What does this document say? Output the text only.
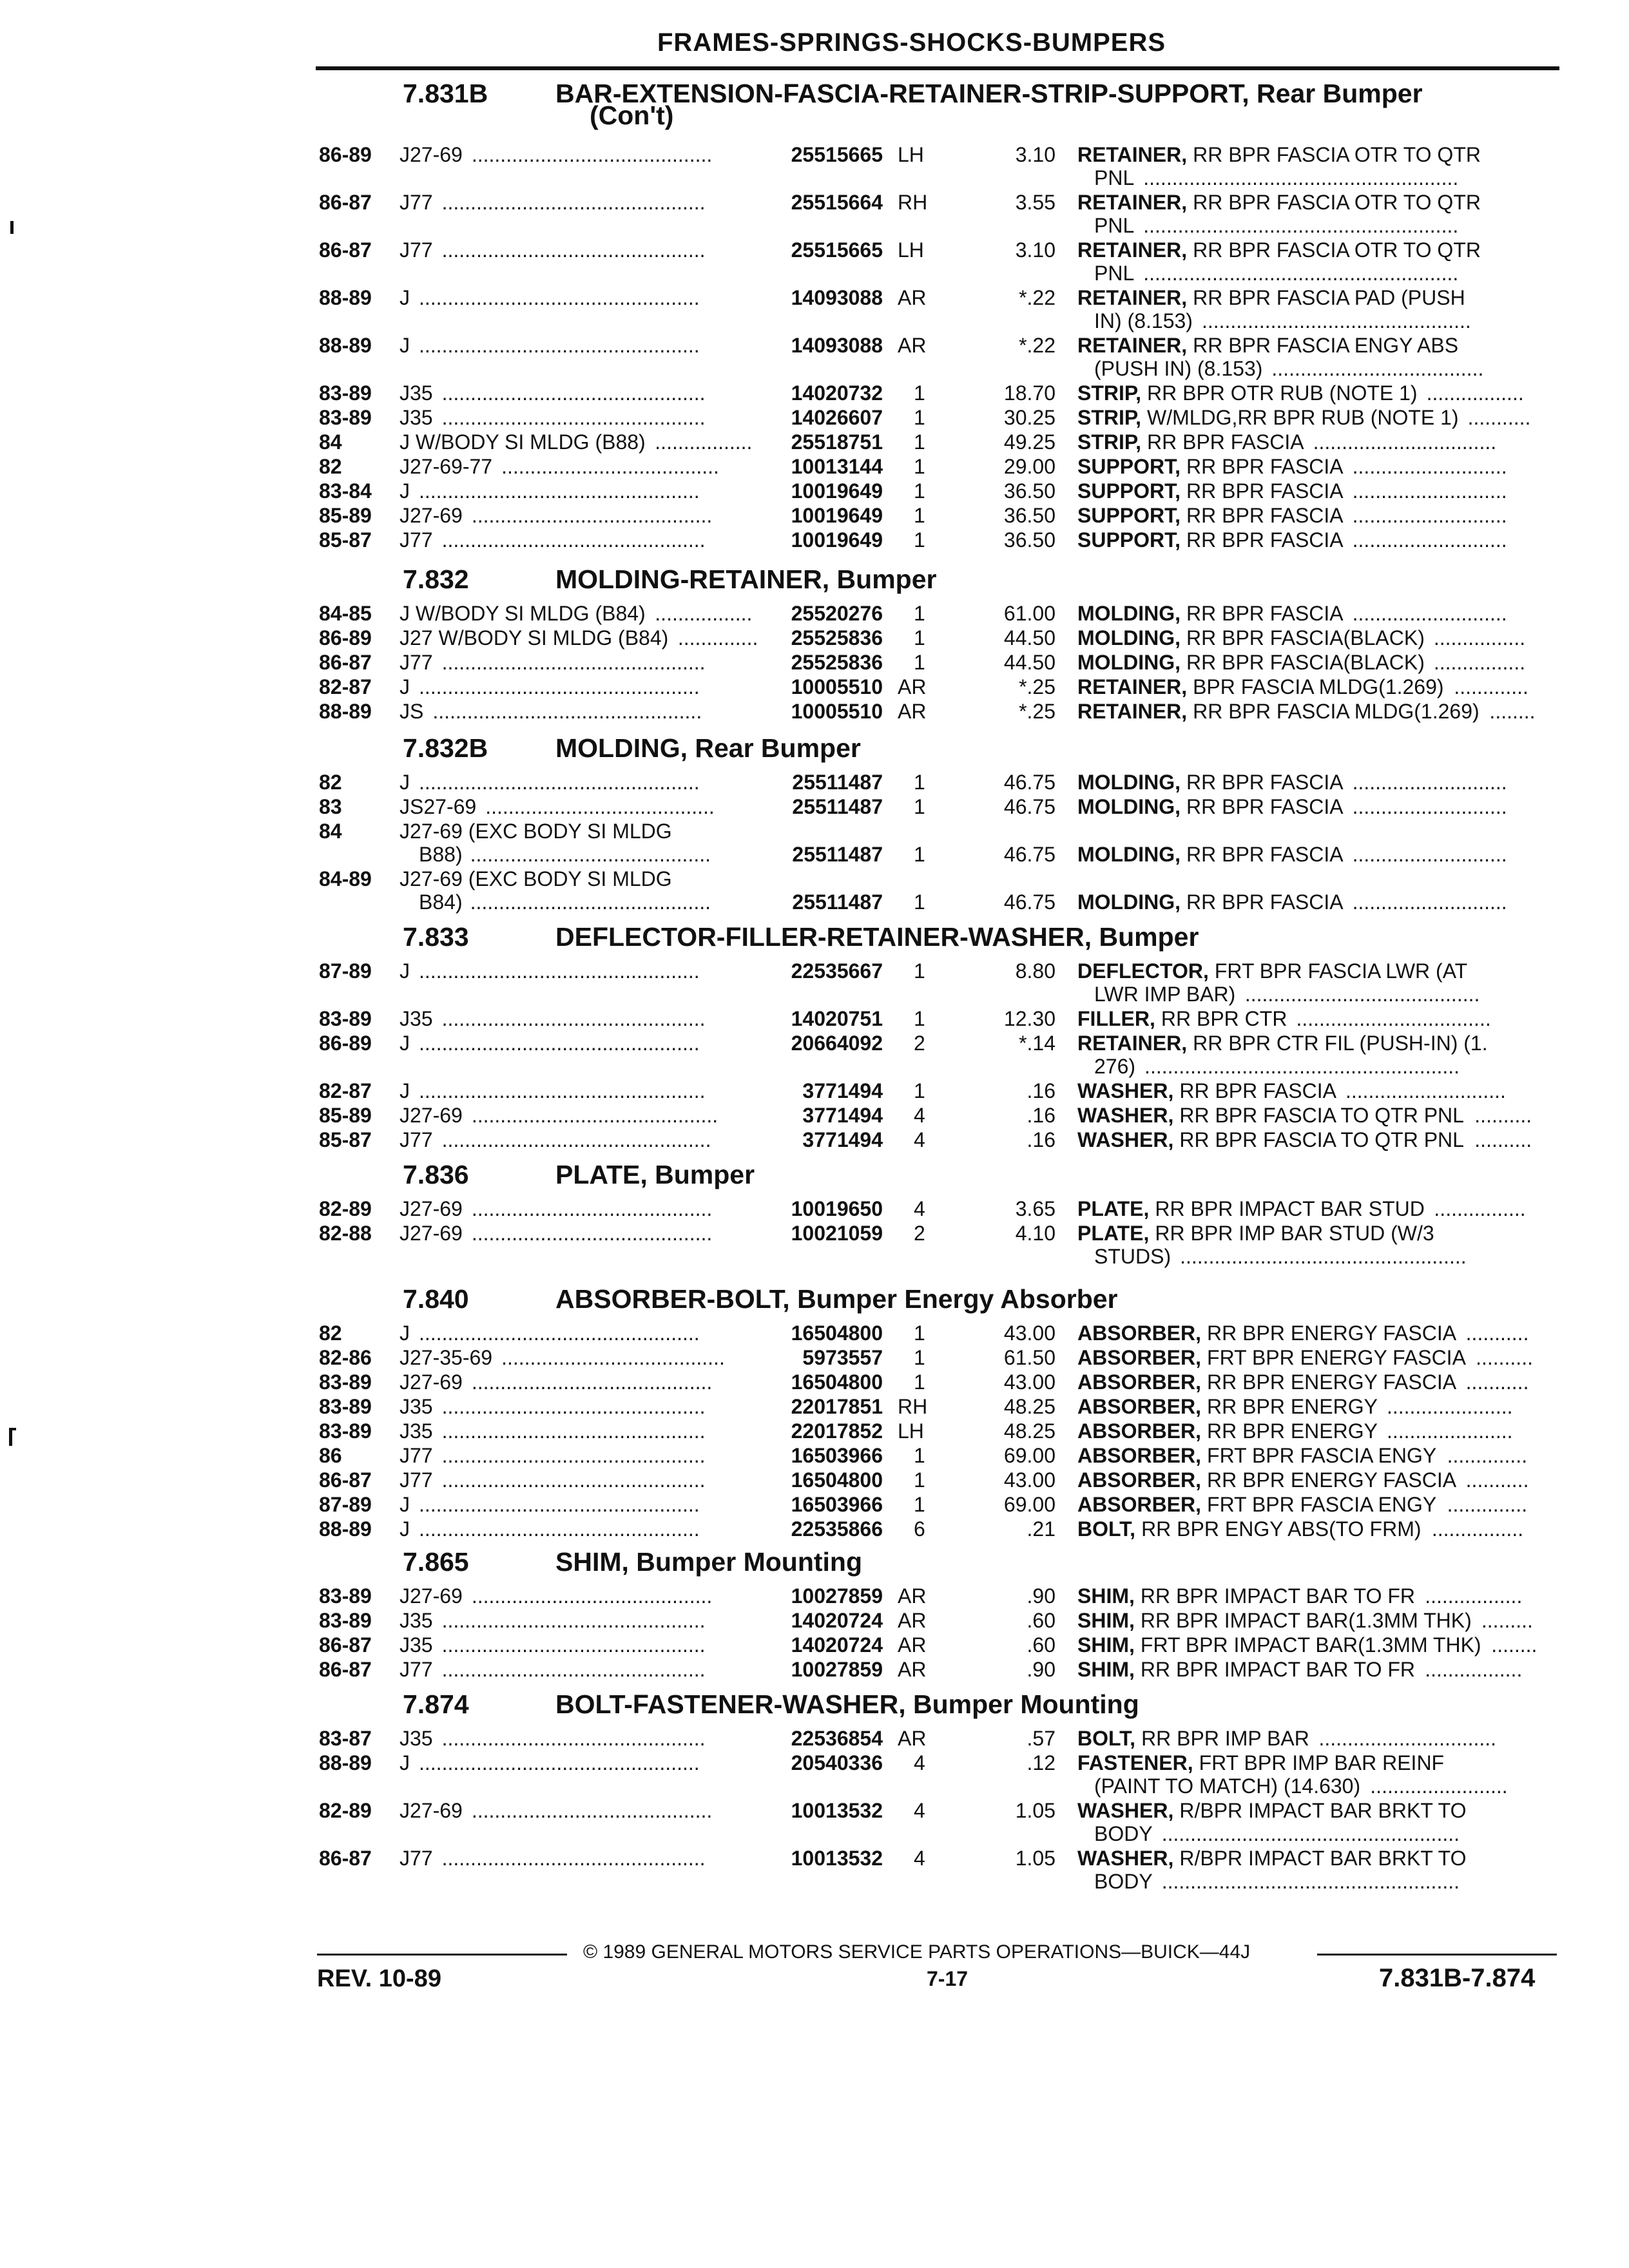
FRAMES-SPRINGS-SHOCKS-BUMPERS
7.831B	BAR-EXTENSION-FASCIA-RETAINER-STRIP-SUPPORT, Rear Bumper
(Con't)
86-89 J27-69 ..........................................	25515665 LH	3.10 RETAINER, RR BPR FASCIA OTR TO QTR
PNL .......................................................
86-87 J77 ..............................................	25515664 RH	3.55 RETAINER, RR BPR FASCIA OTR TO QTR
PNL .......................................................
86-87 J77 ..............................................	25515665 LH	3.10 RETAINER, RR BPR FASCIA OTR TO QTR
PNL .......................................................
88-89 J .................................................	14093088 AR	*.22 RETAINER, RR BPR FASCIA PAD (PUSH
IN) (8.153) ...............................................
88-89 J .................................................	14093088 AR	*.22 RETAINER, RR BPR FASCIA ENGY ABS
(PUSH IN) (8.153) .....................................
83-89 J35 ..............................................	14020732 1	18.70 STRIP, RR BPR OTR RUB (NOTE 1) .................
83-89 J35 ..............................................	14026607 1	30.25 STRIP, W/MLDG,RR BPR RUB (NOTE 1) ...........
84	J W/BODY SI MLDG (B88) ................. 25518751 1	49.25 STRIP, RR BPR FASCIA ................................
82	J27-69-77 ......................................	10013144 1	29.00 SUPPORT, RR BPR FASCIA ...........................
83-84 J .................................................	10019649 1	36.50 SUPPORT, RR BPR FASCIA ...........................
85-89 J27-69 ..........................................	10019649 1	36.50 SUPPORT, RR BPR FASCIA ...........................
85-87 J77 ..............................................	10019649 1	36.50 SUPPORT, RR BPR FASCIA ...........................
7.832	MOLDING-RETAINER, Bumper
84-85 J W/BODY SI MLDG (B84) ................. 25520276 1	61.00 MOLDING, RR BPR FASCIA ...........................
86-89 J27 W/BODY SI MLDG (B84) .............. 25525836 1	44.50 MOLDING, RR BPR FASCIA(BLACK) ................
86-87 J77 ..............................................	25525836 1	44.50 MOLDING, RR BPR FASCIA(BLACK) ................
82-87 J .................................................	10005510 AR	*.25 RETAINER, BPR FASCIA MLDG(1.269) .............
88-89 JS ...............................................	10005510 AR	*.25 RETAINER, RR BPR FASCIA MLDG(1.269) ........
7.832B	MOLDING, Rear Bumper
82	J .................................................	25511487 1	46.75 MOLDING, RR BPR FASCIA ...........................
83	JS27-69 ........................................	25511487 1	46.75 MOLDING, RR BPR FASCIA ...........................
84	J27-69 (EXC BODY SI MLDG
B88) ..........................................	25511487 1	46.75 MOLDING, RR BPR FASCIA ...........................
84-89 J27-69 (EXC BODY SI MLDG
B84) ..........................................	25511487 1	46.75 MOLDING, RR BPR FASCIA ...........................
7.833	DEFLECTOR-FILLER-RETAINER-WASHER, Bumper
87-89 J .................................................	22535667 1	8.80 DEFLECTOR, FRT BPR FASCIA LWR (AT
LWR IMP BAR) .........................................
83-89 J35 ..............................................	14020751 1	12.30 FILLER, RR BPR CTR ..................................
86-89 J .................................................	20664092 2	*.14 RETAINER, RR BPR CTR FIL (PUSH-IN) (1.
276) .......................................................
82-87 J ..................................................	3771494 1	.16 WASHER, RR BPR FASCIA ............................
85-89 J27-69 ...........................................	3771494 4	.16 WASHER, RR BPR FASCIA TO QTR PNL ..........
85-87 J77 ...............................................	3771494 4	.16 WASHER, RR BPR FASCIA TO QTR PNL ..........
7.836	PLATE, Bumper
82-89 J27-69 ..........................................	10019650 4	3.65 PLATE, RR BPR IMPACT BAR STUD ................
82-88 J27-69 ..........................................	10021059 2	4.10 PLATE, RR BPR IMP BAR STUD (W/3
STUDS) ..................................................
7.840	ABSORBER-BOLT, Bumper Energy Absorber
82	J .................................................	16504800 1	43.00 ABSORBER, RR BPR ENERGY FASCIA ...........
82-86 J27-35-69 .......................................	5973557 1	61.50 ABSORBER, FRT BPR ENERGY FASCIA ..........
83-89 J27-69 ..........................................	16504800 1	43.00 ABSORBER, RR BPR ENERGY FASCIA ...........
83-89 J35 ..............................................	22017851 RH	48.25 ABSORBER, RR BPR ENERGY ......................
83-89 J35 ..............................................	22017852 LH	48.25 ABSORBER, RR BPR ENERGY ......................
86	J77 ..............................................	16503966 1	69.00 ABSORBER, FRT BPR FASCIA ENGY ..............
86-87 J77 ..............................................	16504800 1	43.00 ABSORBER, RR BPR ENERGY FASCIA ...........
87-89 J .................................................	16503966 1	69.00 ABSORBER, FRT BPR FASCIA ENGY ..............
88-89 J .................................................	22535866 6	.21 BOLT, RR BPR ENGY ABS(TO FRM) ................
7.865	SHIM, Bumper Mounting
83-89 J27-69 ..........................................	10027859 AR	.90 SHIM, RR BPR IMPACT BAR TO FR .................
83-89 J35 ..............................................	14020724 AR	.60 SHIM, RR BPR IMPACT BAR(1.3MM THK) .........
86-87 J35 ..............................................	14020724 AR	.60 SHIM, FRT BPR IMPACT BAR(1.3MM THK) ........
86-87 J77 ..............................................	10027859 AR	.90 SHIM, RR BPR IMPACT BAR TO FR .................
7.874	BOLT-FASTENER-WASHER, Bumper Mounting
83-87 J35 ..............................................	22536854 AR	.57 BOLT, RR BPR IMP BAR ...............................
88-89 J .................................................	20540336 4	.12 FASTENER, FRT BPR IMP BAR REINF
(PAINT TO MATCH) (14.630) ........................
82-89 J27-69 ..........................................	10013532 4	1.05 WASHER, R/BPR IMPACT BAR BRKT TO
BODY ....................................................
86-87 J77 ..............................................	10013532 4	1.05 WASHER, R/BPR IMPACT BAR BRKT TO
BODY ....................................................
© 1989 GENERAL MOTORS SERVICE PARTS OPERATIONS—BUICK—44J
REV. 10-89	7-17	7.831B-7.874
